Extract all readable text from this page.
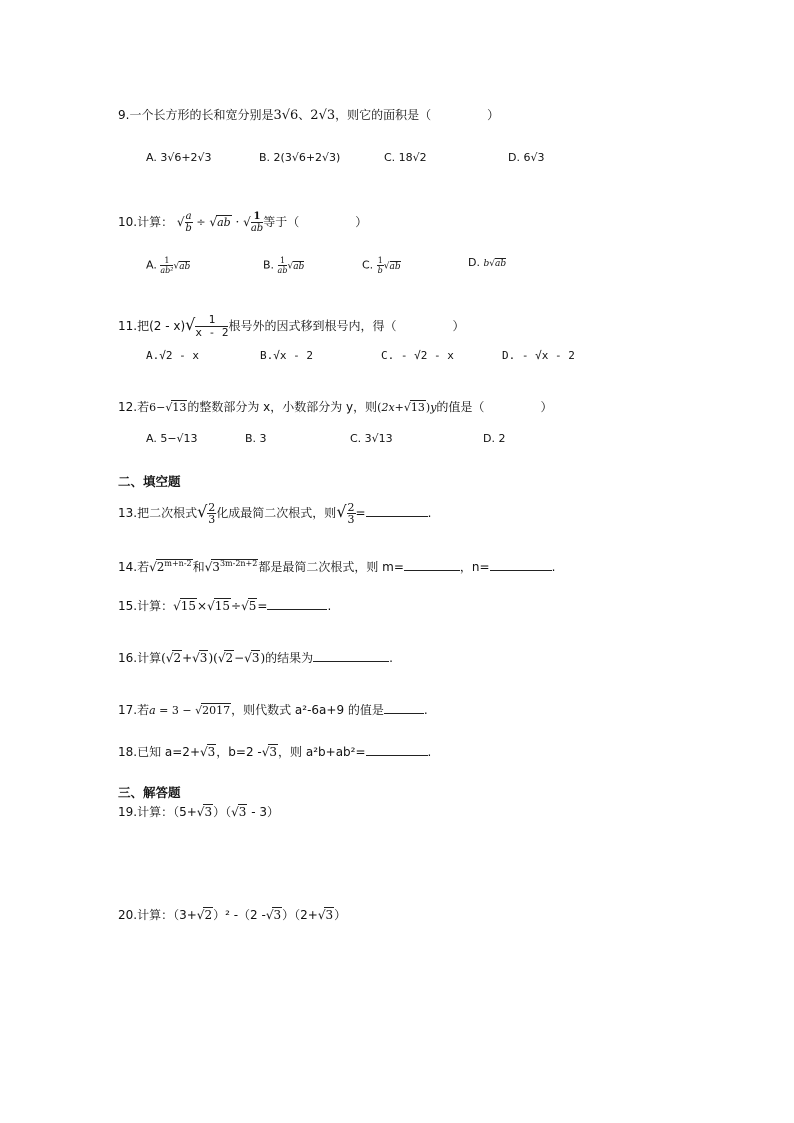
9.一个长方形的长和宽分别是3√6、2√3，则它的面积是（	）
A. 3√6+2√3	B. 2(3√6+2√3)	C. 18√2	D. 6√3
10.计算： √ $\frac{a}{b} \div √ab$ · √ $\frac{1}{ab}$ 等于（	）
A. $\frac{1}{\text{ab²}} √ab$	B. $\frac{1}{ab} √ab$	C. $\frac{1}{b} √ab$	D. b√ab
11.把$(2 - x)√ \frac{1}{x - 2}$ 根号外的因式移到根号内，得（	）
A.√2 - x	B.√x - 2	C. - √2 - x	D. - √x - 2
12.若6−√13的整数部分为 x，小数部分为 y，则(2x+√13)y的值是（	）
A. 5−√13	B. 3	C. 3√13	D. 2
二、填空题
13.把二次根式√ $\frac{2}{3}$ 化成最简二次根式，则√ $\frac{2}{3}$ =	.
14.若$√2^{m+n-2}$和$√3^{3m-2n+2}$都是最简二次根式，则 m=	，n=	.
15.计算：√15×√15÷√5=	.
16.计算(√2+√3)(√2−√3)的结果为	.
17.若a = 3 − √2017，则代数式 a²-6a+9 的值是	.
18.已知 a=2+√3，b=2 -√3，则 a²b+ab²=	.
三、解答题
19.计算：（5+√3）（√3 - 3）
20.计算：（3+√2）² -（2 -√3）（2+√3）
